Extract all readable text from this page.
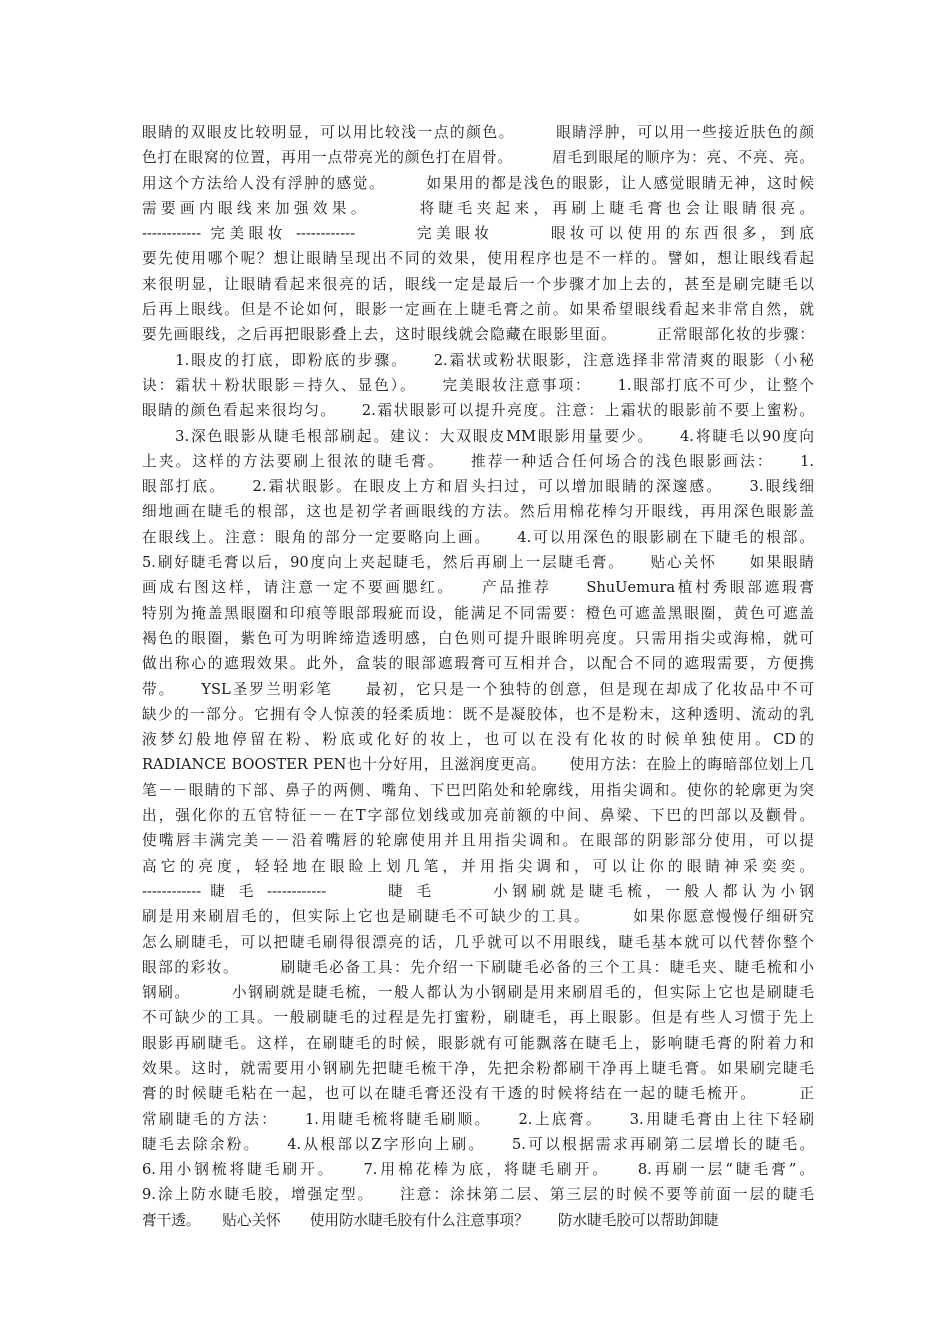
眼睛的双眼皮比较明显，可以用比较浅一点的颜色。　　　眼睛浮肿，可以用一些接近肤色的颜
色打在眼窝的位置，再用一点带亮光的颜色打在眉骨。　　　眉毛到眼尾的顺序为：亮、不亮、亮。
用这个方法给人没有浮肿的感觉。　　　如果用的都是浅色的眼影，让人感觉眼睛无神，这时候
需要画内眼线来加强效果。　　　将睫毛夹起来，再刷上睫毛膏也会让眼睛很亮。
------------ 完美眼妆 ------------　　　完美眼妆　　　眼妆可以使用的东西很多，到底
要先使用哪个呢？想让眼睛呈现出不同的效果，使用程序也是不一样的。譬如，想让眼线看起
来很明显，让眼睛看起来很亮的话，眼线一定是最后一个步骤才加上去的，甚至是刷完睫毛以
后再上眼线。但是不论如何，眼影一定画在上睫毛膏之前。如果希望眼线看起来非常自然，就
要先画眼线，之后再把眼影叠上去，这时眼线就会隐藏在眼影里面。　　　正常眼部化妆的步骤：
　　1.眼皮的打底，即粉底的步骤。　　2.霜状或粉状眼影，注意选择非常清爽的眼影（小秘
诀：霜状＋粉状眼影＝持久、显色）。　　完美眼妆注意事项：　　1.眼部打底不可少，让整个
眼睛的颜色看起来很均匀。　　2.霜状眼影可以提升亮度。注意：上霜状的眼影前不要上蜜粉。
　　3.深色眼影从睫毛根部刷起。建议：大双眼皮MM眼影用量要少。　　4.将睫毛以90度向
上夹。这样的方法要刷上很浓的睫毛膏。　　推荐一种适合任何场合的浅色眼影画法：　　1.
眼部打底。　　2.霜状眼影。在眼皮上方和眉头扫过，可以增加眼睛的深邃感。　　3.眼线细
细地画在睫毛的根部，这也是初学者画眼线的方法。然后用棉花棒匀开眼线，再用深色眼影盖
在眼线上。注意：眼角的部分一定要略向上画。　　4.可以用深色的眼影刷在下睫毛的根部。
5.刷好睫毛膏以后，90度向上夹起睫毛，然后再刷上一层睫毛膏。　　贴心关怀　　如果眼睛
画成右图这样，请注意一定不要画腮红。　　产品推荐　　ShuUemura植村秀眼部遮瑕膏
特别为掩盖黑眼圈和印痕等眼部瑕疵而设，能满足不同需要：橙色可遮盖黑眼圈，黄色可遮盖
褐色的眼圈，紫色可为明眸缔造透明感，白色则可提升眼眸明亮度。只需用指尖或海棉，就可
做出称心的遮瑕效果。此外，盒装的眼部遮瑕膏可互相并合，以配合不同的遮瑕需要，方便携
带。　　YSL圣罗兰明彩笔　　最初，它只是一个独特的创意，但是现在却成了化妆品中不可
缺少的一部分。它拥有令人惊羡的轻柔质地：既不是凝胶体，也不是粉末，这种透明、流动的乳
液梦幻般地停留在粉、粉底或化好的妆上，也可以在没有化妆的时候单独使用。CD的
RADIANCE BOOSTER PEN也十分好用，且滋润度更高。　　使用方法：在脸上的晦暗部位划上几
笔－－眼睛的下部、鼻子的两侧、嘴角、下巴凹陷处和轮廓线，用指尖调和。使你的轮廓更为突
出，强化你的五官特征－－在T字部位划线或加亮前额的中间、鼻梁、下巴的凹部以及颧骨。
使嘴唇丰满完美－－沿着嘴唇的轮廓使用并且用指尖调和。在眼部的阴影部分使用，可以提
高它的亮度，轻轻地在眼睑上划几笔，并用指尖调和，可以让你的眼睛神采奕奕。
------------ 睫 毛 ------------　　　睫 毛　　　小钢刷就是睫毛梳，一般人都认为小钢
刷是用来刷眉毛的，但实际上它也是刷睫毛不可缺少的工具。　　　如果你愿意慢慢仔细研究
怎么刷睫毛，可以把睫毛刷得很漂亮的话，几乎就可以不用眼线，睫毛基本就可以代替你整个
眼部的彩妆。　　　刷睫毛必备工具：先介绍一下刷睫毛必备的三个工具：睫毛夹、睫毛梳和小
钢刷。　　　小钢刷就是睫毛梳，一般人都认为小钢刷是用来刷眉毛的，但实际上它也是刷睫毛
不可缺少的工具。一般刷睫毛的过程是先打蜜粉，刷睫毛，再上眼影。但是有些人习惯于先上
眼影再刷睫毛。这样，在刷睫毛的时候，眼影就有可能飘落在睫毛上，影响睫毛膏的附着力和
效果。这时，就需要用小钢刷先把睫毛梳干净，先把余粉都刷干净再上睫毛膏。如果刷完睫毛
膏的时候睫毛粘在一起，也可以在睫毛膏还没有干透的时候将结在一起的睫毛梳开。　　　正
常刷睫毛的方法：　　1.用睫毛梳将睫毛刷顺。　　2.上底膏。　　3.用睫毛膏由上往下轻刷
睫毛去除余粉。　　4.从根部以Z字形向上刷。　　5.可以根据需求再刷第二层增长的睫毛。
6.用小钢梳将睫毛刷开。　　7.用棉花棒为底，将睫毛刷开。　　8.再刷一层“睫毛膏”。
9.涂上防水睫毛胶，增强定型。　　注意：涂抹第二层、第三层的时候不要等前面一层的睫毛
膏干透。　　贴心关怀　　使用防水睫毛胶有什么注意事项？　　防水睫毛胶可以帮助卸睫
